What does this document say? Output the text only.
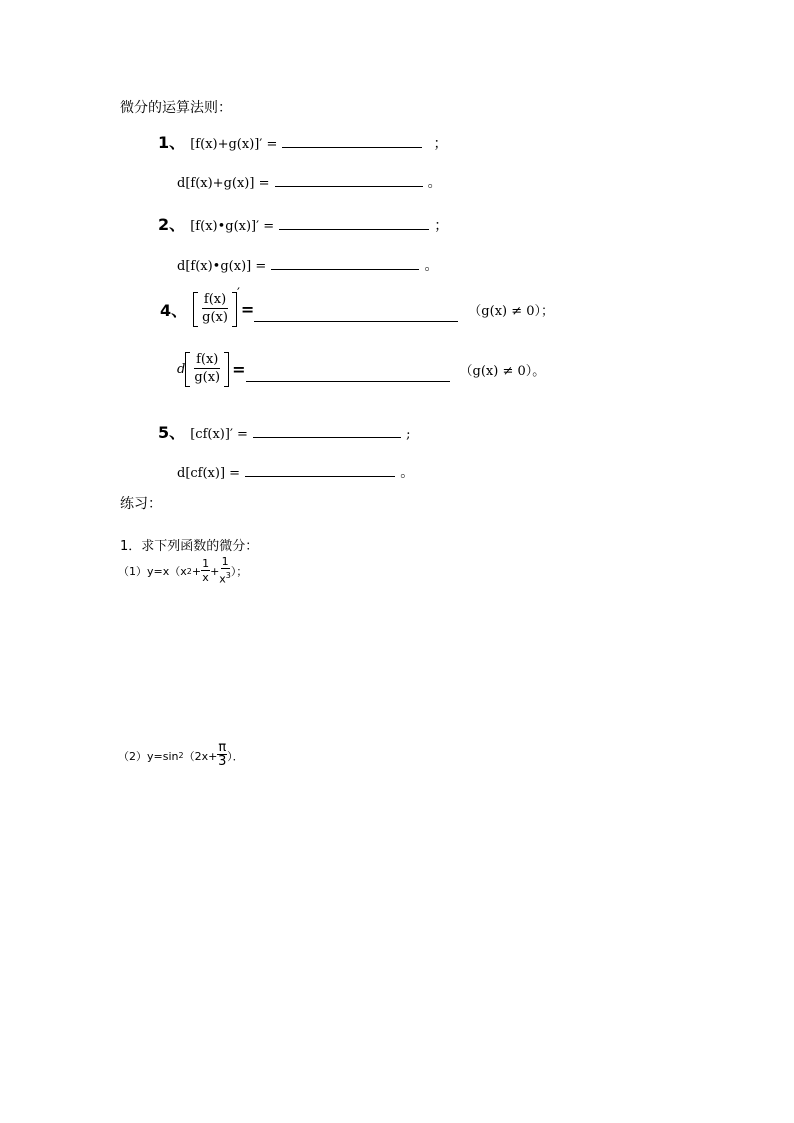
微分的运算法则：
1、 [f(x)+g(x)]′ =	；
d[f(x)+g(x)] =	。
2、 [f(x)•g(x)]′ =	；
d[f(x)•g(x)] =	。
4、 $\frac{f(x)}{g(x)}$ ′
=	（g(x) ≠ 0）；
d $\frac{f(x)}{g(x)}$ =	（g(x) ≠ 0）。
5、 [cf(x)]′ =	;
d[cf(x)] =	。
练习：
1．求下列函数的微分：
（1）y=x（x $2 + \frac{1}{x} + \frac{1}{x^3}$ ）；
（2）y=sin 2 （$2x+ \frac{\pi}{3}$ ）．
